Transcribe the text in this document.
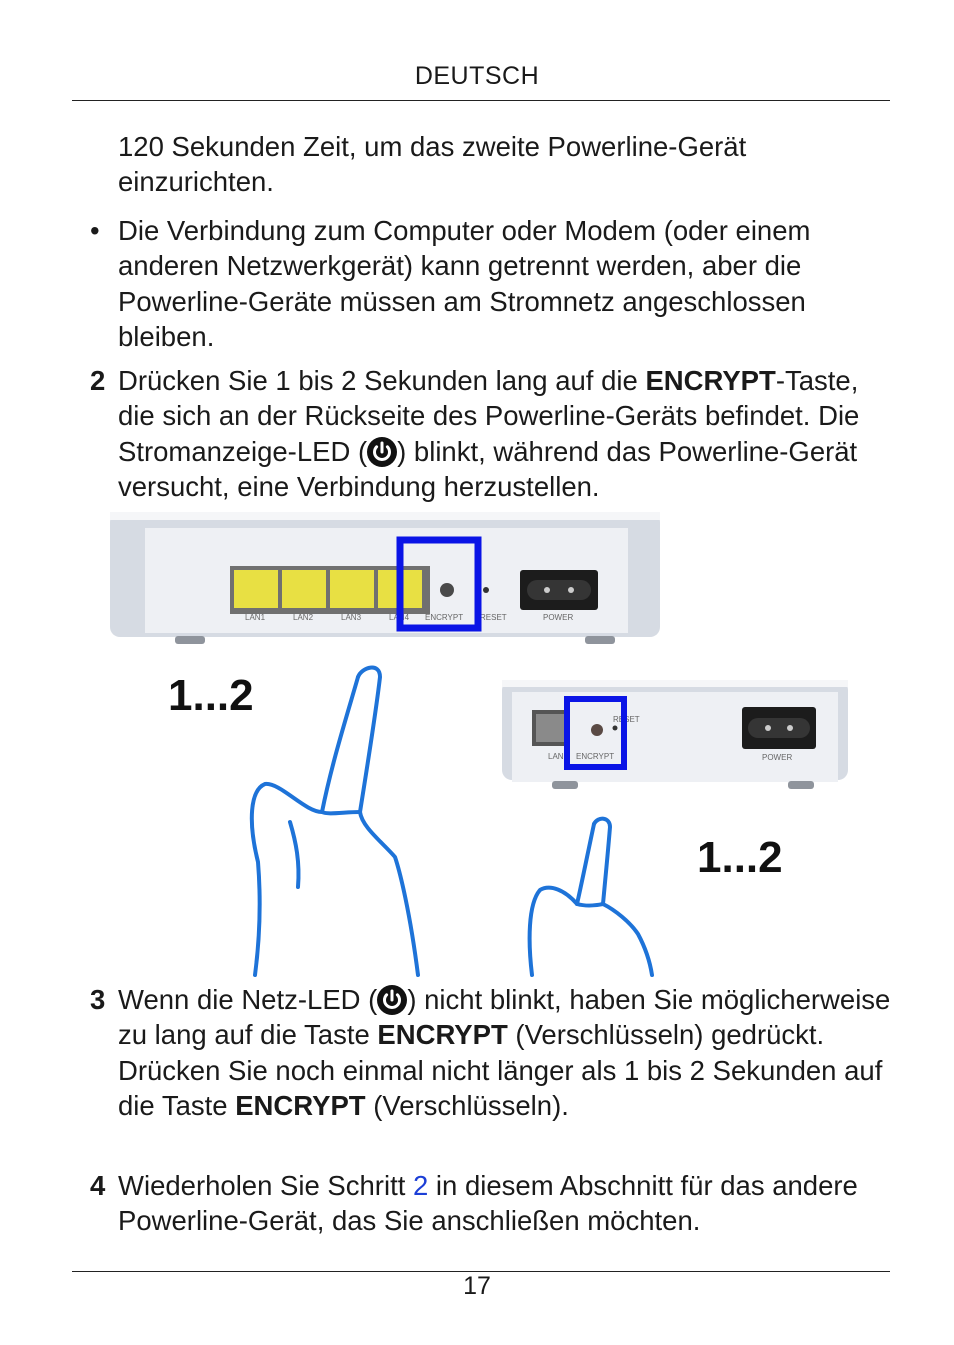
DEUTSCH
120 Sekunden Zeit, um das zweite Powerline-Gerät einzurichten.
• Die Verbindung zum Computer oder Modem (oder einem anderen Netzwerkgerät) kann getrennt werden, aber die Powerline-Geräte müssen am Stromnetz angeschlossen bleiben.
2 Drücken Sie 1 bis 2 Sekunden lang auf die ENCRYPT-Taste, die sich an der Rückseite des Powerline-Geräts befindet. Die Stromanzeige-LED ( ) blinkt, während das Powerline-Gerät versucht, eine Verbindung herzustellen.
LAN1	LAN2	LAN3	LAN4 ENCRYPT RESET	POWER
1...2
LAN ENCRYPT
RESET
POWER
1...2
3 Wenn die Netz-LED ( ) nicht blinkt, haben Sie möglicherweise zu lang auf die Taste ENCRYPT (Verschlüsseln) gedrückt. Drücken Sie noch einmal nicht länger als 1 bis 2 Sekunden auf die Taste ENCRYPT (Verschlüsseln).
4 Wiederholen Sie Schritt 2 in diesem Abschnitt für das andere Powerline-Gerät, das Sie anschließen möchten.
17
